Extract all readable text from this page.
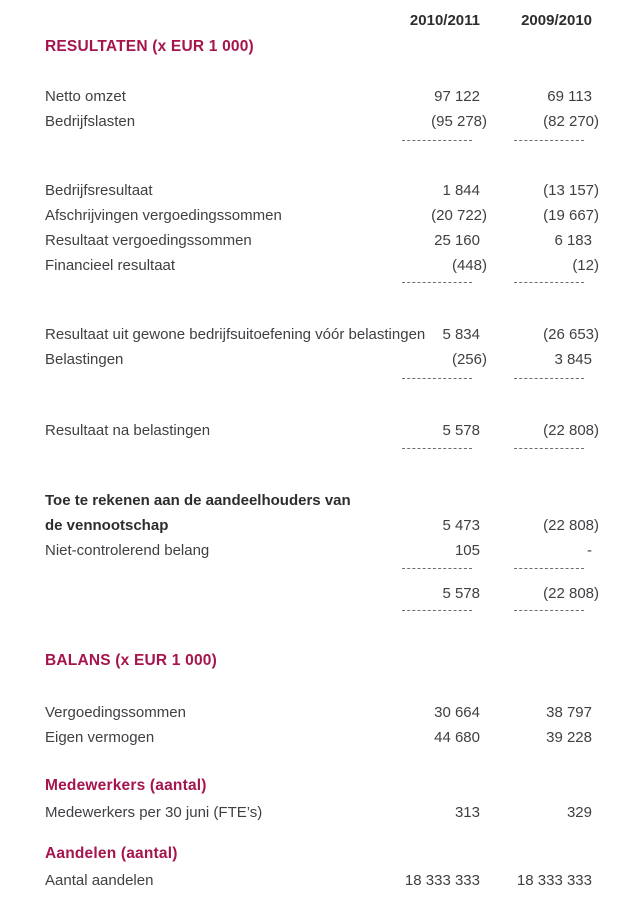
2010/2011	2009/2010
RESULTATEN (x EUR 1 000)
Netto omzet	97 122	69 113
Bedrijfslasten	(95 278)	(82 270)
Bedrijfsresultaat	1 844	(13 157)
Afschrijvingen vergoedingssommen	(20 722)	(19 667)
Resultaat vergoedingssommen	25 160	6 183
Financieel resultaat	(448)	(12)
Resultaat uit gewone bedrijfsuitoefening vóór belastingen	5 834	(26 653)
Belastingen	(256)	3 845
Resultaat na belastingen	5 578	(22 808)
Toe te rekenen aan de aandeelhouders van
de vennootschap	5 473	(22 808)
Niet-controlerend belang	105	-
5 578	(22 808)
BALANS (x EUR 1 000)
Vergoedingssommen	30 664	38 797
Eigen vermogen	44 680	39 228
Medewerkers (aantal)
Medewerkers per 30 juni (FTE’s)	313	329
Aandelen (aantal)
Aantal aandelen	18 333 333	18 333 333
